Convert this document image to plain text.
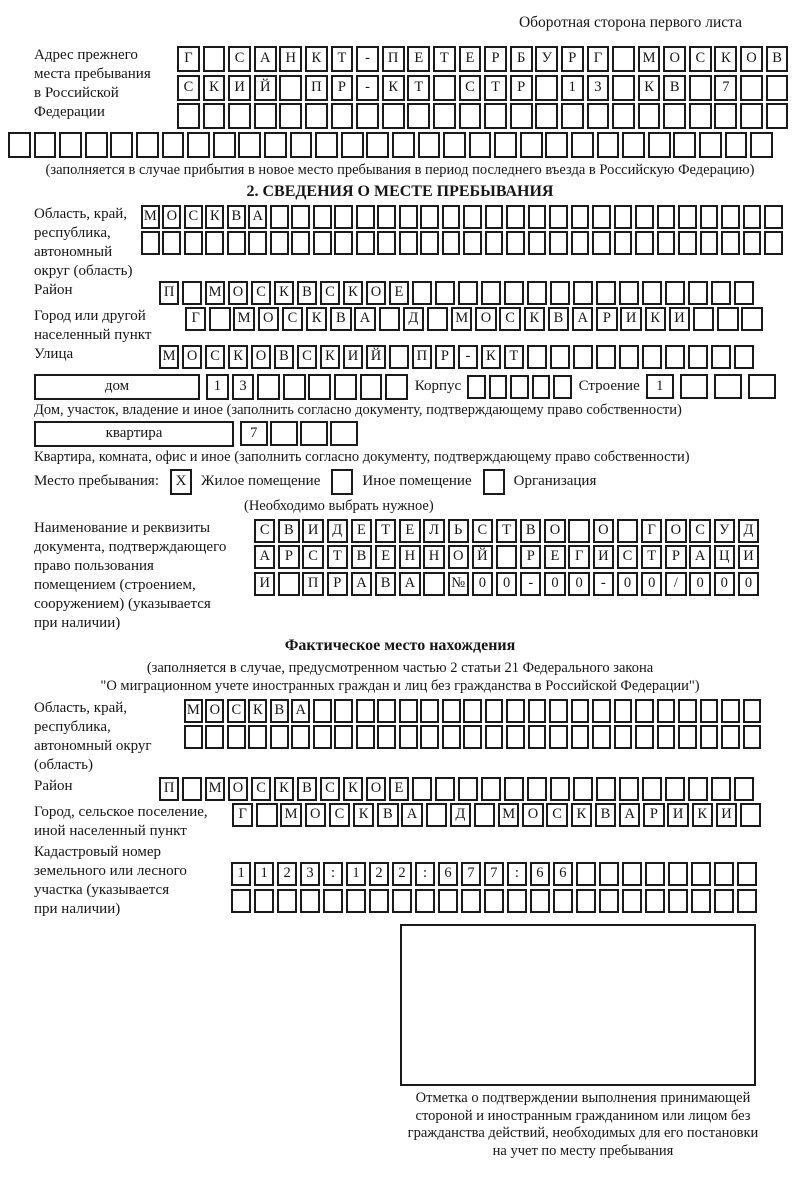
Оборотная сторона первого листа
Адрес прежнего
места пребывания
в Российской
Федерации
Г	С	А	Н	К	Т	-	П	Е	Т	Е	Р	Б	У	Р	Г	М О	С	К	О	В
С	К	И	Й	П	Р	-	К	Т	С	Т	Р	1	3	К	В	7
(заполняется в случае прибытия в новое место пребывания в период последнего въезда в Российскую Федерацию)
2. СВЕДЕНИЯ О МЕСТЕ ПРЕБЫВАНИЯ
Область, край,
республика,
автономный
округ (область)
М О С К В А
Район	П	М О С К В С К О Е
Город или другой
населенный пункт
Г	М О С	К	В А	Д	М О С	К	В А	Р	И К И
Улица	М О С К О В С К И Й	П Р	-	К Т
дом	1	3	Корпус	Строение	1
Дом, участок, владение и иное (заполнить согласно документу, подтверждающему право собственности)
квартира	7
Квартира, комната, офис и иное (заполнить согласно документу, подтверждающему право собственности)
Место пребывания:	X Жилое помещение	Иное помещение	Организация
(Необходимо выбрать нужное)
Наименование и реквизиты
документа, подтверждающего
право пользования
помещением (строением,
сооружением) (указывается
при наличии)
С	В И Д	Е	Т	Е	Л	Ь	С	Т	В О	О	Г	О С У Д
А	Р	С	Т	В	Е	Н Н О Й	Р	Е	Г	И С	Т	Р	А Ц И
И	П	Р	А В А	№ 0	0	-	0	0	-	0	0	/	0	0	0
Фактическое место нахождения
(заполняется в случае, предусмотренном частью 2 статьи 21 Федерального закона
"О миграционном учете иностранных граждан и лиц без гражданства в Российской Федерации")
Область, край,
республика,
автономный округ
(область)
М О С К В А
Район	П	М О С К В С К О Е
Город, сельское поселение,
иной населенный пункт
Г	М О С	К	В А	Д	М О С	К	В А	Р	И К И
Кадастровый номер
земельного или лесного
участка (указывается
при наличии)
1	1	2	3	:	1	2	2	:	6	7	7	:	6	6
Отметка о подтверждении выполнения принимающей
стороной и иностранным гражданином или лицом без
гражданства действий, необходимых для его постановки
на учет по месту пребывания
